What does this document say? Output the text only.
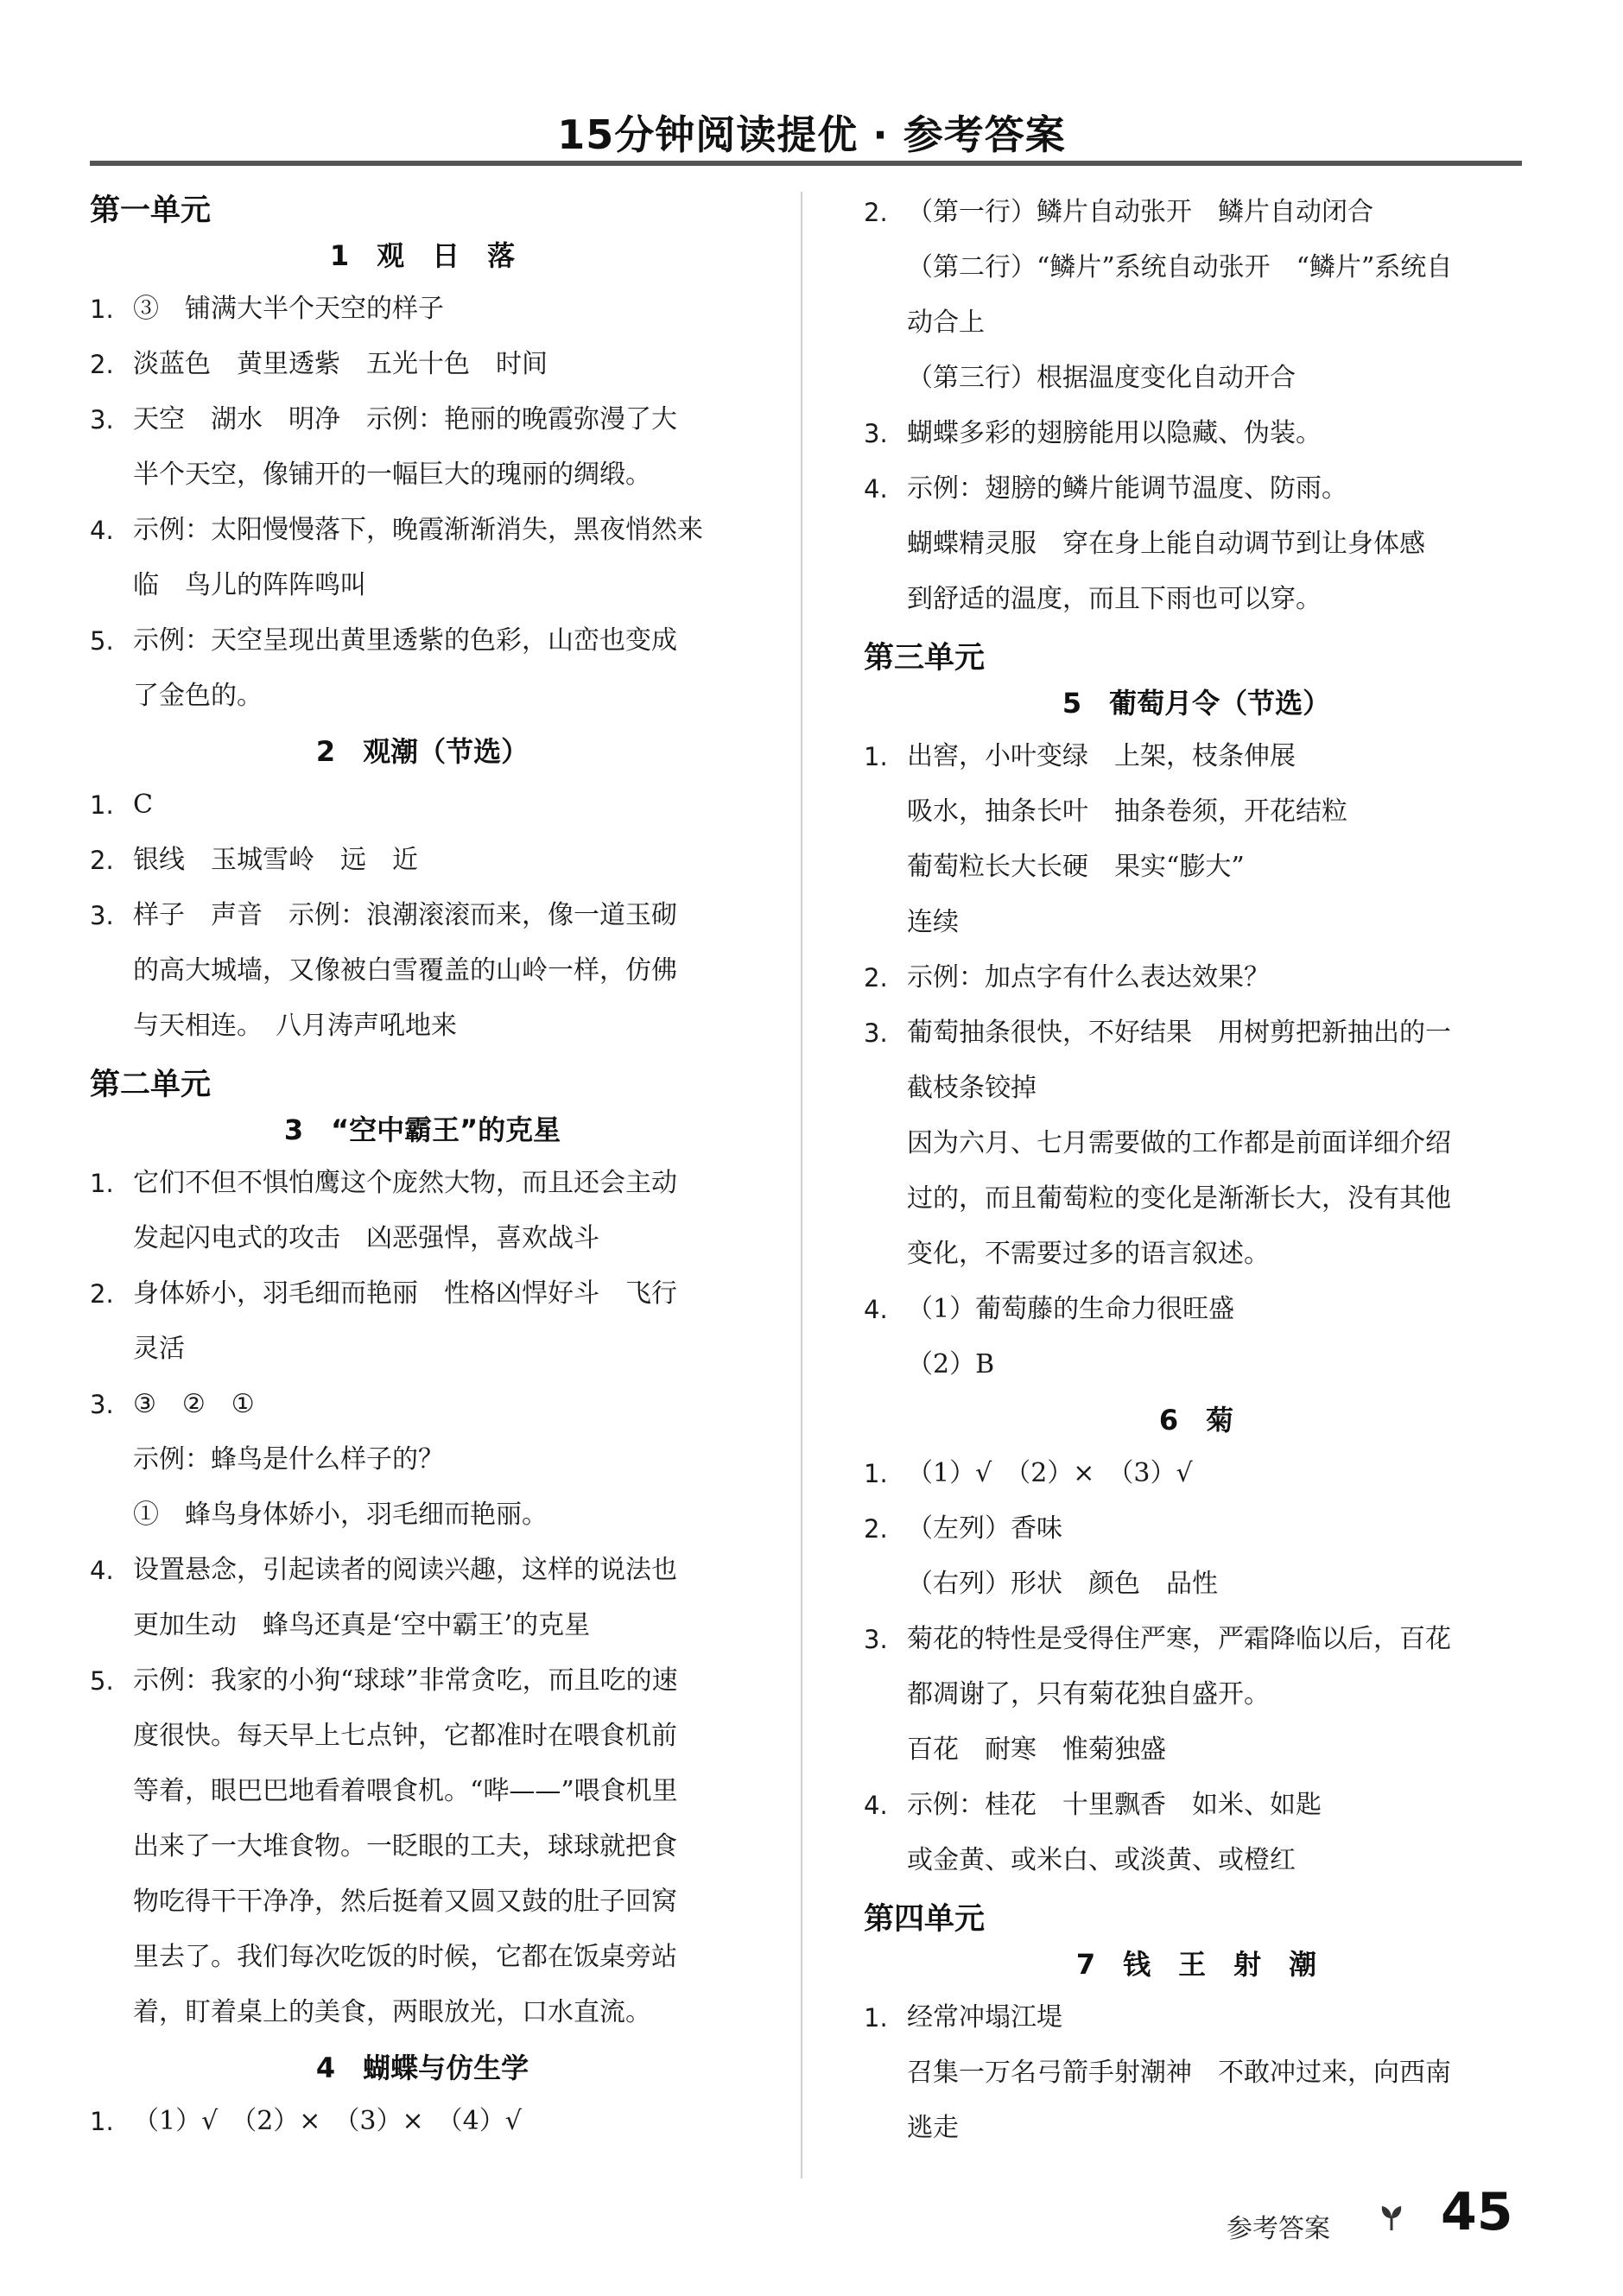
15分钟阅读提优 · 参考答案
第一单元
1　观　日　落
1. ③　铺满大半个天空的样子
2. 淡蓝色　黄里透紫　五光十色　时间
3. 天空　湖水　明净　示例：艳丽的晚霞弥漫了大
半个天空，像铺开的一幅巨大的瑰丽的绸缎。
4. 示例：太阳慢慢落下，晚霞渐渐消失，黑夜悄然来
临　鸟儿的阵阵鸣叫
5. 示例：天空呈现出黄里透紫的色彩，山峦也变成
了金色的。
2　观潮（节选）
1. C
2. 银线　玉城雪岭　远　近
3. 样子　声音　示例：浪潮滚滚而来，像一道玉砌
的高大城墙，又像被白雪覆盖的山岭一样，仿佛
与天相连。　八月涛声吼地来
第二单元
3　“空中霸王”的克星
1. 它们不但不惧怕鹰这个庞然大物，而且还会主动
发起闪电式的攻击　凶恶强悍，喜欢战斗
2. 身体娇小，羽毛细而艳丽　性格凶悍好斗　飞行
灵活
3. ③　②　①
示例：蜂鸟是什么样子的？
①　蜂鸟身体娇小，羽毛细而艳丽。
4. 设置悬念，引起读者的阅读兴趣，这样的说法也
更加生动　蜂鸟还真是‘空中霸王’的克星
5. 示例：我家的小狗“球球”非常贪吃，而且吃的速
度很快。每天早上七点钟，它都准时在喂食机前
等着，眼巴巴地看着喂食机。“哔——”喂食机里
出来了一大堆食物。一眨眼的工夫，球球就把食
物吃得干干净净，然后挺着又圆又鼓的肚子回窝
里去了。我们每次吃饭的时候，它都在饭桌旁站
着，盯着桌上的美食，两眼放光，口水直流。
4　蝴蝶与仿生学
1. （1）√　（2）×　（3）×　（4）√
2. （第一行）鳞片自动张开　鳞片自动闭合
（第二行）“鳞片”系统自动张开　“鳞片”系统自
动合上
（第三行）根据温度变化自动开合
3. 蝴蝶多彩的翅膀能用以隐藏、伪装。
4. 示例：翅膀的鳞片能调节温度、防雨。
蝴蝶精灵服　穿在身上能自动调节到让身体感
到舒适的温度，而且下雨也可以穿。
第三单元
5　葡萄月令（节选）
1. 出窖，小叶变绿　上架，枝条伸展
吸水，抽条长叶　抽条卷须，开花结粒
葡萄粒长大长硬　果实“膨大”
连续
2. 示例：加点字有什么表达效果？
3. 葡萄抽条很快，不好结果　用树剪把新抽出的一
截枝条铰掉
因为六月、七月需要做的工作都是前面详细介绍
过的，而且葡萄粒的变化是渐渐长大，没有其他
变化，不需要过多的语言叙述。
4. （1）葡萄藤的生命力很旺盛
（2）B
6　菊
1. （1）√　（2）×　（3）√
2. （左列）香味
（右列）形状　颜色　品性
3. 菊花的特性是受得住严寒，严霜降临以后，百花
都凋谢了，只有菊花独自盛开。
百花　耐寒　惟菊独盛
4. 示例：桂花　十里飘香　如米、如匙
或金黄、或米白、或淡黄、或橙红
第四单元
7　钱　王　射　潮
1. 经常冲塌江堤
召集一万名弓箭手射潮神　不敢冲过来，向西南
逃走
参考答案 45
